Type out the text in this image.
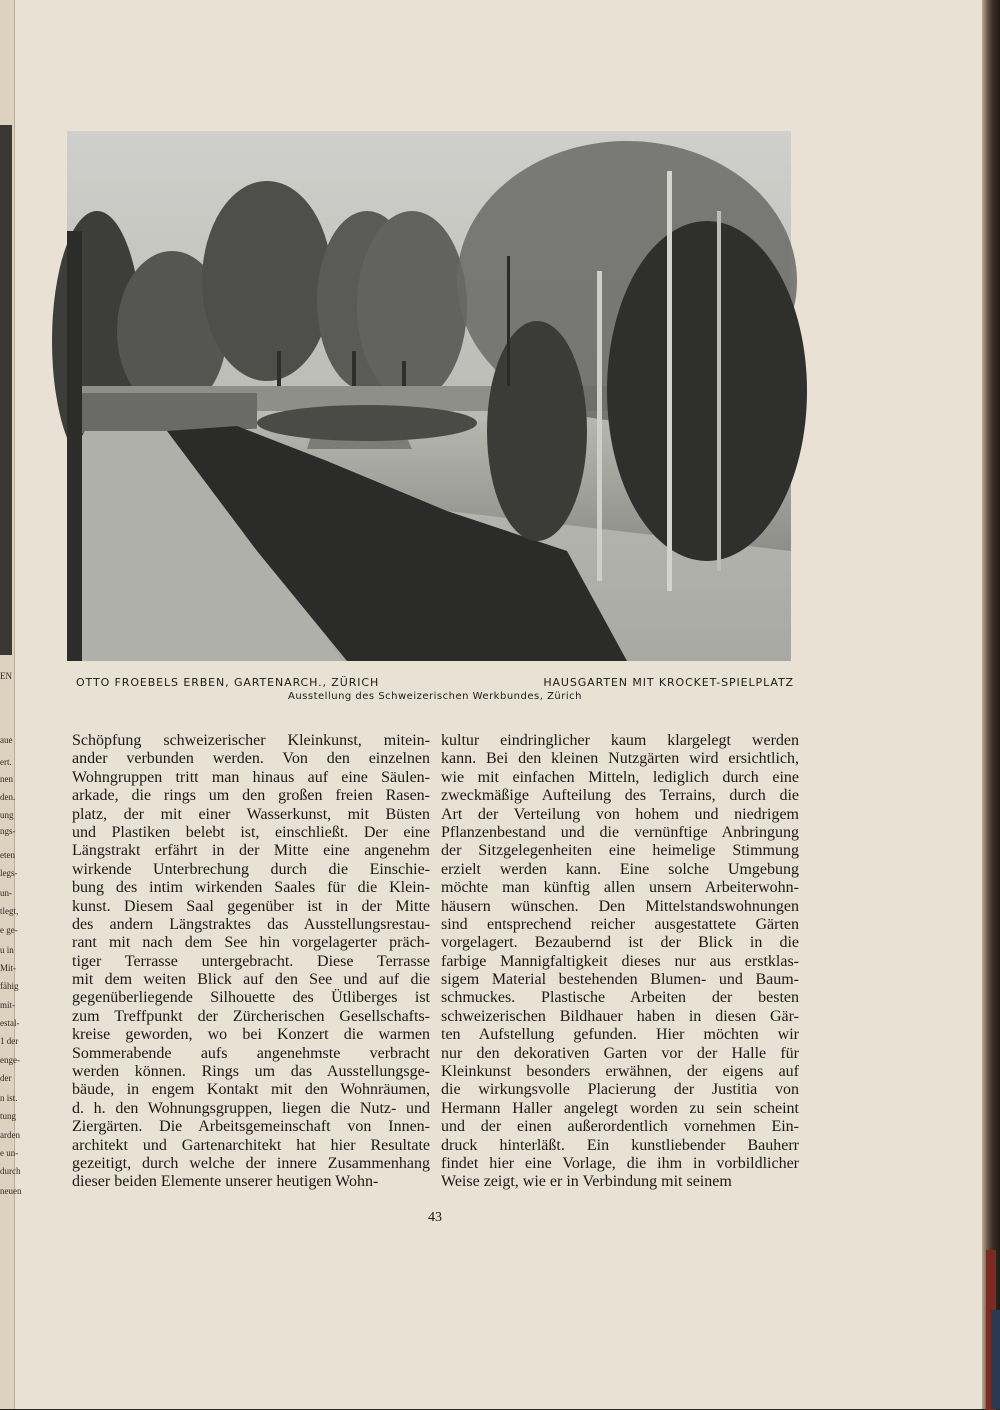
EN
aue
ert.
nen
den.
ung
ngs-
eten
legs-
un-
tlegt,
e ge-
u in
Mit-
fähig
mit-
estal-
1 der
enge-
der
n ist.
tung
arden
e un-
durch
neuen
OTTO FROEBELS ERBEN, GARTENARCH., ZÜRICH	HAUSGARTEN MIT KROCKET-SPIELPLATZ
Ausstellung des Schweizerischen Werkbundes, Zürich
Schöpfung schweizerischer Kleinkunst, mitein-
ander verbunden werden. Von den einzelnen
Wohngruppen tritt man hinaus auf eine Säulen-
arkade, die rings um den großen freien Rasen-
platz, der mit einer Wasserkunst, mit Büsten
und Plastiken belebt ist, einschließt. Der eine
Längstrakt erfährt in der Mitte eine angenehm
wirkende Unterbrechung durch die Einschie-
bung des intim wirkenden Saales für die Klein-
kunst. Diesem Saal gegenüber ist in der Mitte
des andern Längstraktes das Ausstellungsrestau-
rant mit nach dem See hin vorgelagerter präch-
tiger Terrasse untergebracht. Diese Terrasse
mit dem weiten Blick auf den See und auf die
gegenüberliegende Silhouette des Ütliberges ist
zum Treffpunkt der Zürcherischen Gesellschafts-
kreise geworden, wo bei Konzert die warmen
Sommerabende aufs angenehmste verbracht
werden können. Rings um das Ausstellungsge-
bäude, in engem Kontakt mit den Wohnräumen,
d. h. den Wohnungsgruppen, liegen die Nutz- und
Ziergärten. Die Arbeitsgemeinschaft von Innen-
architekt und Gartenarchitekt hat hier Resultate
gezeitigt, durch welche der innere Zusammenhang
dieser beiden Elemente unserer heutigen Wohn-
kultur eindringlicher kaum klargelegt werden
kann. Bei den kleinen Nutzgärten wird ersichtlich,
wie mit einfachen Mitteln, lediglich durch eine
zweckmäßige Aufteilung des Terrains, durch die
Art der Verteilung von hohem und niedrigem
Pflanzenbestand und die vernünftige Anbringung
der Sitzgelegenheiten eine heimelige Stimmung
erzielt werden kann. Eine solche Umgebung
möchte man künftig allen unsern Arbeiterwohn-
häusern wünschen. Den Mittelstandswohnungen
sind entsprechend reicher ausgestattete Gärten
vorgelagert. Bezaubernd ist der Blick in die
farbige Mannigfaltigkeit dieses nur aus erstklas-
sigem Material bestehenden Blumen- und Baum-
schmuckes. Plastische Arbeiten der besten
schweizerischen Bildhauer haben in diesen Gär-
ten Aufstellung gefunden. Hier möchten wir
nur den dekorativen Garten vor der Halle für
Kleinkunst besonders erwähnen, der eigens auf
die wirkungsvolle Placierung der Justitia von
Hermann Haller angelegt worden zu sein scheint
und der einen außerordentlich vornehmen Ein-
druck hinterläßt. Ein kunstliebender Bauherr
findet hier eine Vorlage, die ihm in vorbildlicher
Weise zeigt, wie er in Verbindung mit seinem
43
